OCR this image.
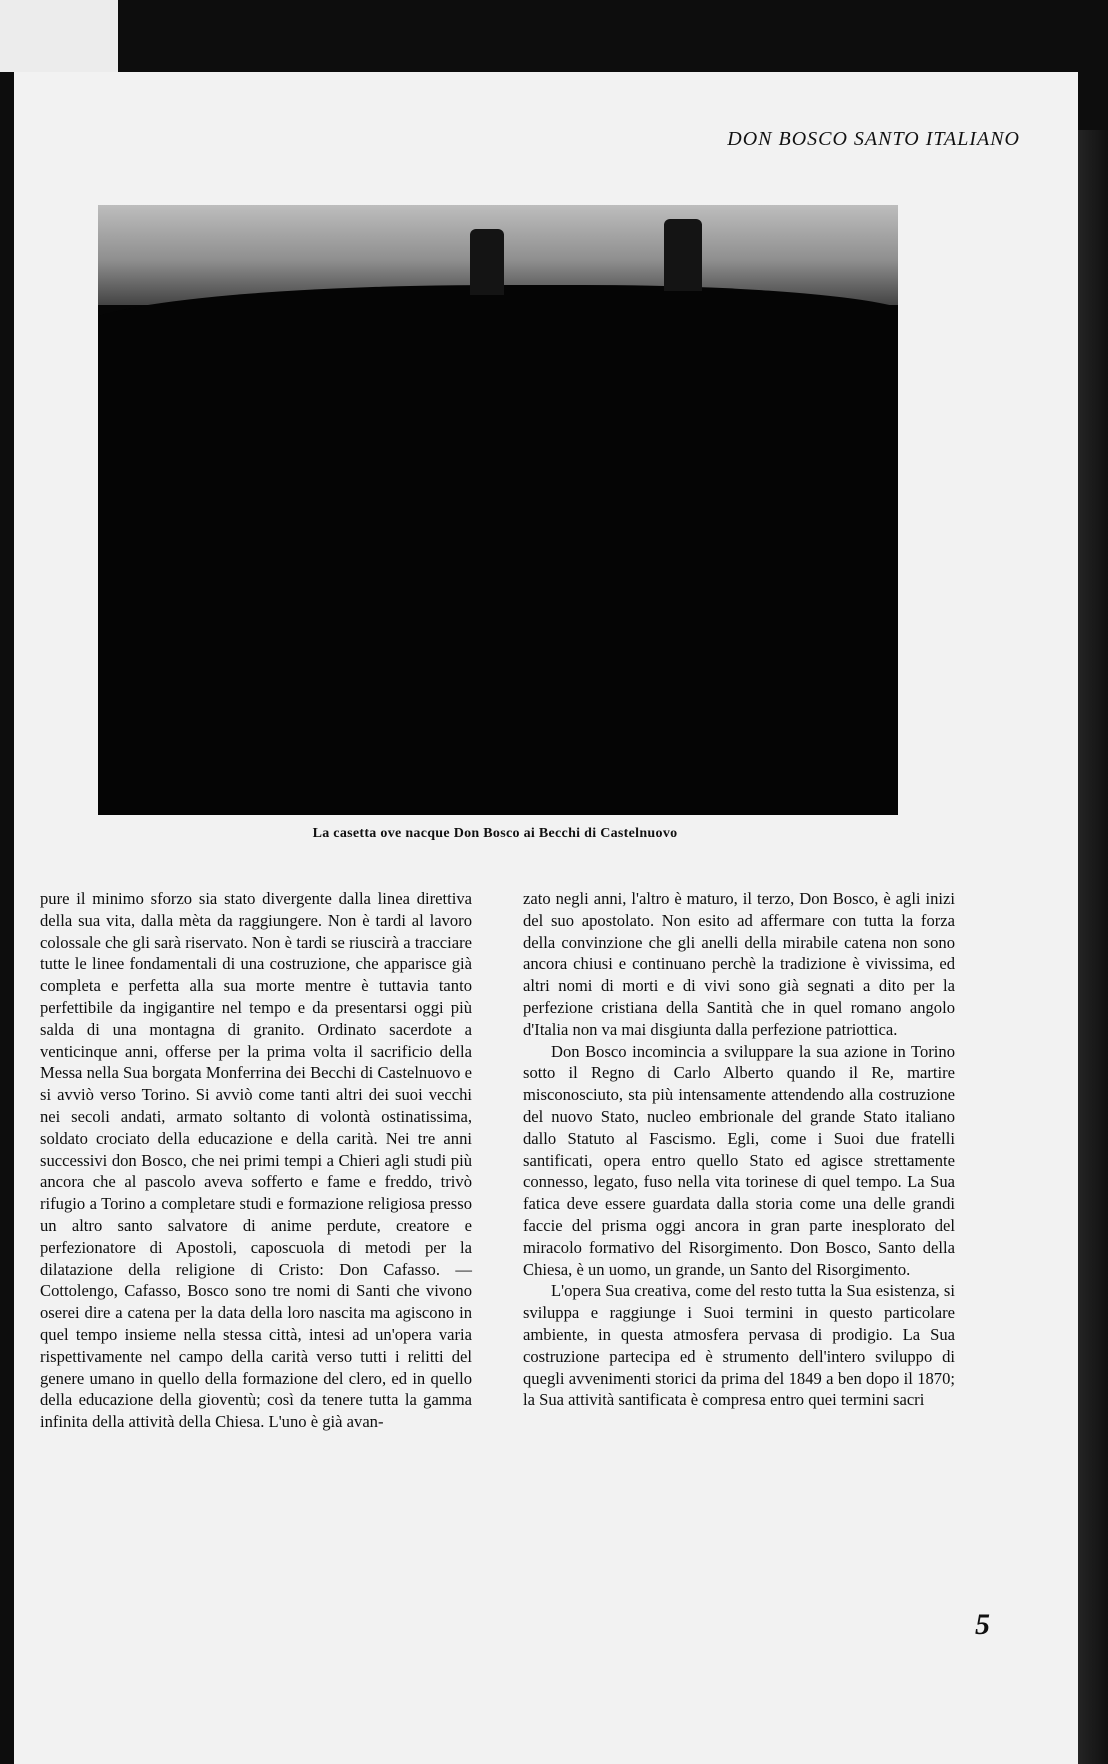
DON BOSCO SANTO ITALIANO

La casetta ove nacque Don Bosco ai Becchi di Castelnuovo

pure il minimo sforzo sia stato divergente dalla linea direttiva della sua vita, dalla mèta da raggiungere. Non è tardi al lavoro colossale che gli sarà riservato. Non è tardi se riuscirà a tracciare tutte le linee fondamentali di una costruzione, che apparisce già completa e perfetta alla sua morte mentre è tuttavia tanto perfettibile da ingigantire nel tempo e da presentarsi oggi più salda di una montagna di granito. Ordinato sacerdote a venticinque anni, offerse per la prima volta il sacrificio della Messa nella Sua borgata Monferrina dei Becchi di Castelnuovo e si avviò verso Torino. Si avviò come tanti altri dei suoi vecchi nei secoli andati, armato soltanto di volontà ostinatissima, soldato crociato della educazione e della carità. Nei tre anni successivi don Bosco, che nei primi tempi a Chieri agli studi più ancora che al pascolo aveva sofferto e fame e freddo, trivò rifugio a Torino a completare studi e formazione religiosa presso un altro santo salvatore di anime perdute, creatore e perfezionatore di Apostoli, caposcuola di metodi per la dilatazione della religione di Cristo: Don Cafasso. — Cottolengo, Cafasso, Bosco sono tre nomi di Santi che vivono oserei dire a catena per la data della loro nascita ma agiscono in quel tempo insieme nella stessa città, intesi ad un'opera varia rispettivamente nel campo della carità verso tutti i relitti del genere umano in quello della formazione del clero, ed in quello della educazione della gioventù; così da tenere tutta la gamma infinita della attività della Chiesa. L'uno è già avan-

zato negli anni, l'altro è maturo, il terzo, Don Bosco, è agli inizi del suo apostolato. Non esito ad affermare con tutta la forza della convinzione che gli anelli della mirabile catena non sono ancora chiusi e continuano perchè la tradizione è vivissima, ed altri nomi di morti e di vivi sono già segnati a dito per la perfezione cristiana della Santità che in quel romano angolo d'Italia non va mai disgiunta dalla perfezione patriottica.

Don Bosco incomincia a sviluppare la sua azione in Torino sotto il Regno di Carlo Alberto quando il Re, martire misconosciuto, sta più intensamente attendendo alla costruzione del nuovo Stato, nucleo embrionale del grande Stato italiano dallo Statuto al Fascismo. Egli, come i Suoi due fratelli santificati, opera entro quello Stato ed agisce strettamente connesso, legato, fuso nella vita torinese di quel tempo. La Sua fatica deve essere guardata dalla storia come una delle grandi faccie del prisma oggi ancora in gran parte inesplorato del miracolo formativo del Risorgimento. Don Bosco, Santo della Chiesa, è un uomo, un grande, un Santo del Risorgimento.

L'opera Sua creativa, come del resto tutta la Sua esistenza, si sviluppa e raggiunge i Suoi termini in questo particolare ambiente, in questa atmosfera pervasa di prodigio. La Sua costruzione partecipa ed è strumento dell'intero sviluppo di quegli avvenimenti storici da prima del 1849 a ben dopo il 1870; la Sua attività santificata è compresa entro quei termini sacri

5
